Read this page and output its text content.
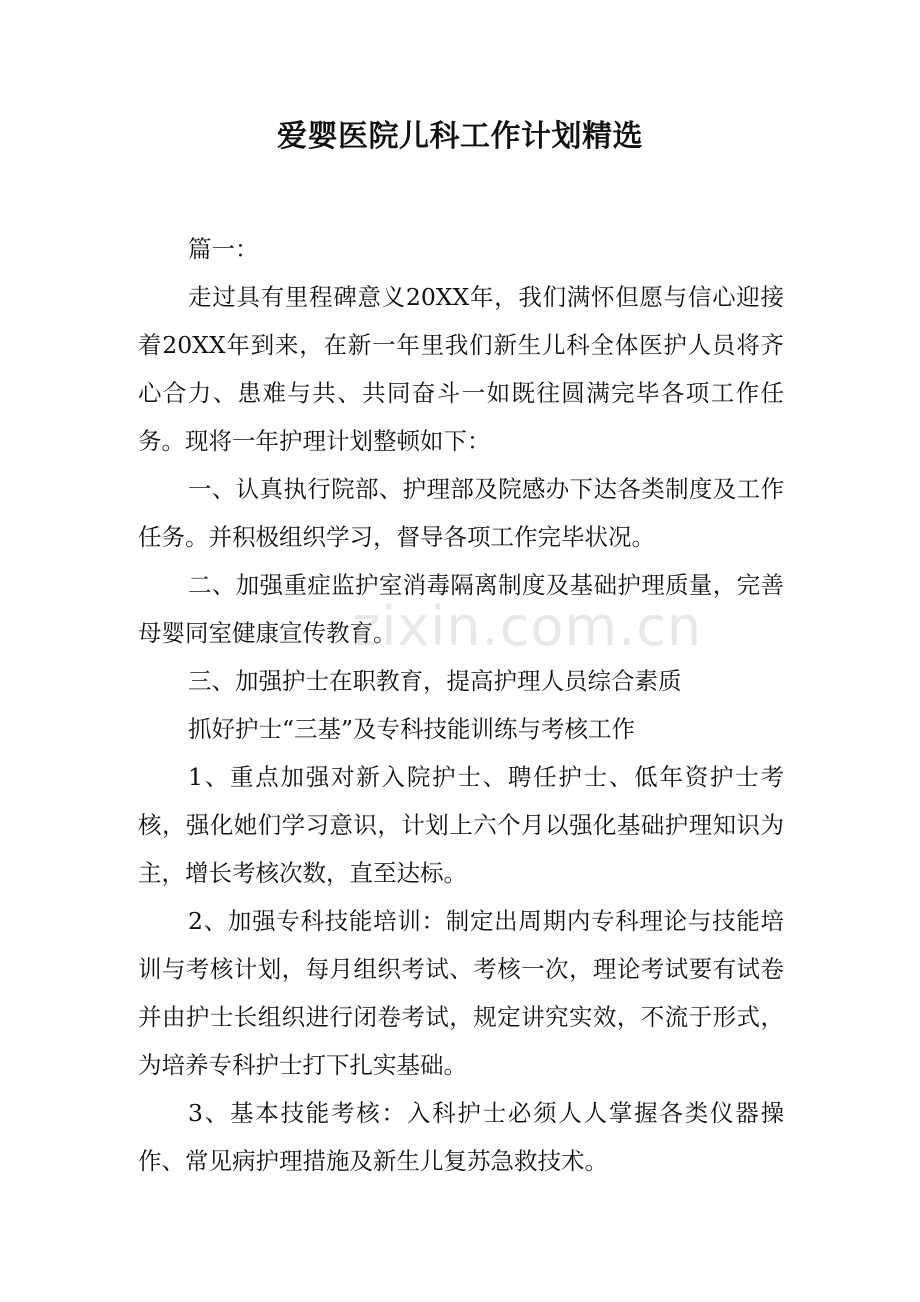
爱婴医院儿科工作计划精选

篇一：

走过具有里程碑意义20XX年，我们满怀但愿与信心迎接着20XX年到来，在新一年里我们新生儿科全体医护人员将齐心合力、患难与共、共同奋斗一如既往圆满完毕各项工作任务。现将一年护理计划整顿如下：

一、认真执行院部、护理部及院感办下达各类制度及工作任务。并积极组织学习，督导各项工作完毕状况。

二、加强重症监护室消毒隔离制度及基础护理质量，完善母婴同室健康宣传教育。

三、加强护士在职教育，提高护理人员综合素质

抓好护士“三基”及专科技能训练与考核工作

1、重点加强对新入院护士、聘任护士、低年资护士考核，强化她们学习意识，计划上六个月以强化基础护理知识为主，增长考核次数，直至达标。

2、加强专科技能培训：制定出周期内专科理论与技能培训与考核计划，每月组织考试、考核一次，理论考试要有试卷并由护士长组织进行闭卷考试，规定讲究实效，不流于形式，为培养专科护士打下扎实基础。

3、基本技能考核：入科护士必须人人掌握各类仪器操作、常见病护理措施及新生儿复苏急救技术。

zixin.com.cn
